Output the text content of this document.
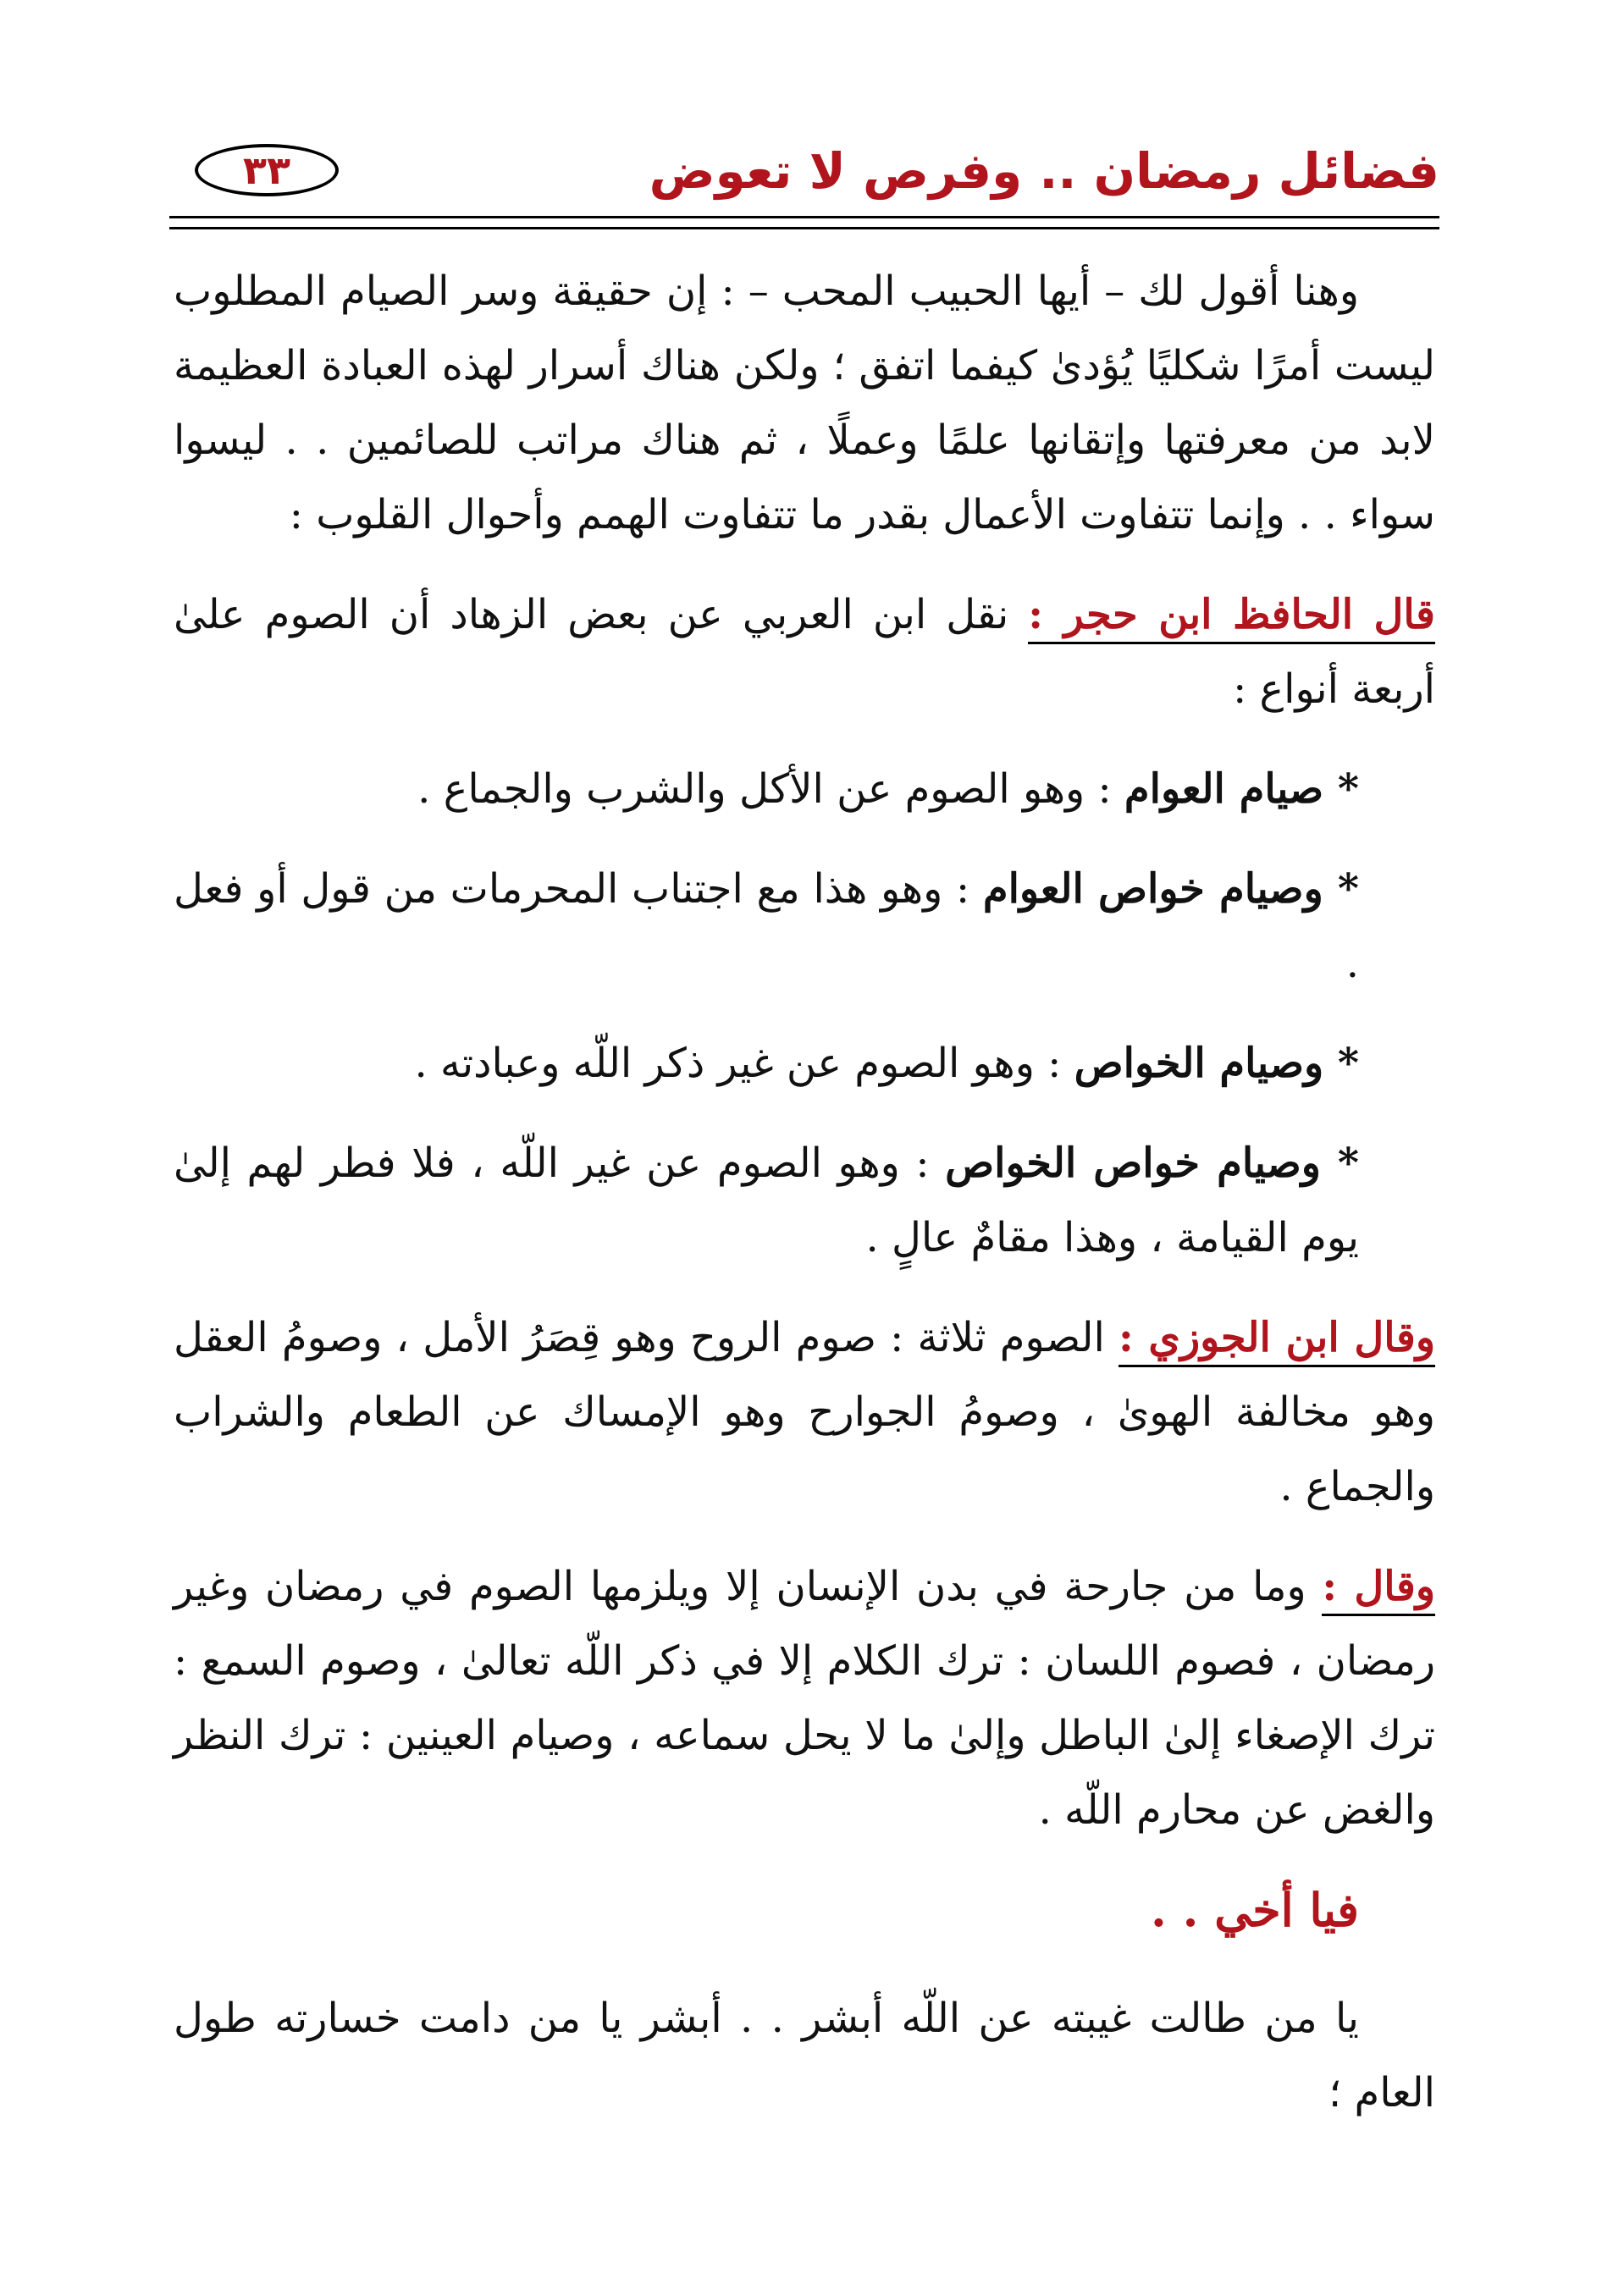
٣٣	فضائل رمضان .. وفرص لا تعوض

وهنا أقول لك – أيها الحبيب المحب – : إن حقيقة وسر الصيام المطلوب ليست أمرًا شكليًا يُؤدىٰ كيفما اتفق ؛ ولكن هناك أسرار لهذه العبادة العظيمة لابد من معرفتها وإتقانها علمًا وعملًا ، ثم هناك مراتب للصائمين . . ليسوا سواء . . وإنما تتفاوت الأعمال بقدر ما تتفاوت الهمم وأحوال القلوب :

قال الحافظ ابن حجر : نقل ابن العربي عن بعض الزهاد أن الصوم علىٰ أربعة أنواع :

* صيام العوام : وهو الصوم عن الأكل والشرب والجماع .

* وصيام خواص العوام : وهو هذا مع اجتناب المحرمات من قول أو فعل .

* وصيام الخواص : وهو الصوم عن غير ذكر اللّه وعبادته .

* وصيام خواص الخواص : وهو الصوم عن غير اللّه ، فلا فطر لهم إلىٰ يوم القيامة ، وهذا مقامٌ عالٍ .

وقال ابن الجوزي : الصوم ثلاثة : صوم الروح وهو قِصَرُ الأمل ، وصومُ العقل وهو مخالفة الهوىٰ ، وصومُ الجوارح وهو الإمساك عن الطعام والشراب والجماع .

وقال : وما من جارحة في بدن الإنسان إلا ويلزمها الصوم في رمضان وغير رمضان ، فصوم اللسان : ترك الكلام إلا في ذكر اللّه تعالىٰ ، وصوم السمع : ترك الإصغاء إلىٰ الباطل وإلىٰ ما لا يحل سماعه ، وصيام العينين : ترك النظر والغض عن محارم اللّه .

فيا أخي . .

يا من طالت غيبته عن اللّه أبشر . . أبشر يا من دامت خسارته طول العام ؛
